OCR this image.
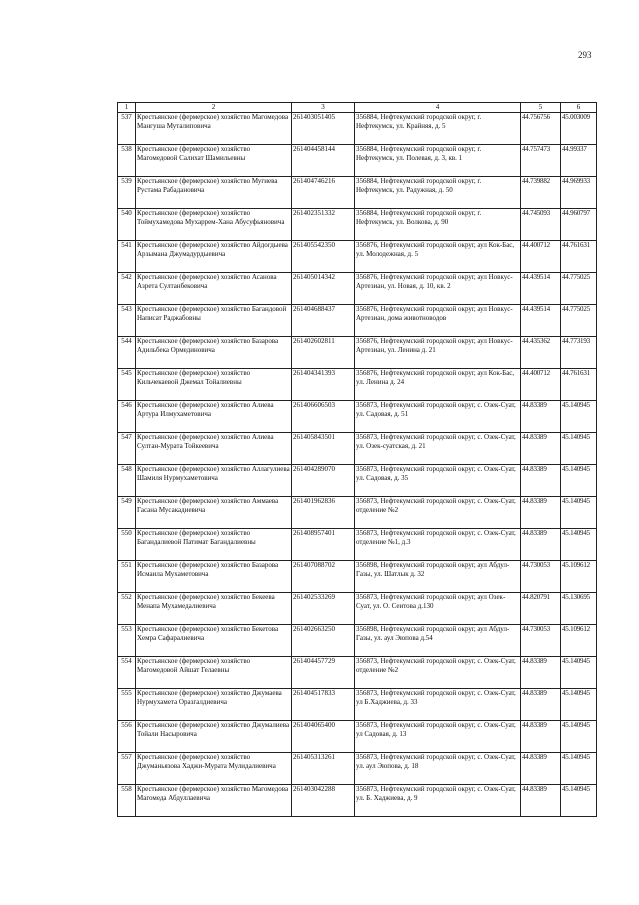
293
1	2	3	4	5	6
537	Крестьянское (фермерское) хозяйство Магомедова Мангуша Муталиповича	261403051405	356884, Нефтекумский городской округ, г. Нефтекумск, ул. Крайняя, д. 5	44.756756	45.003009
538	Крестьянское (фермерское) хозяйство Магомедовой Салихат Шамильевны	261404458144	356884, Нефтекумский городской округ, г. Нефтекумск, ул. Полевая, д. 3, кв. 1	44.757473	44.99337
539	Крестьянское (фермерское) хозяйство Мугиева Рустама Рабадановича	261404746216	356884, Нефтекумский городской округ, г. Нефтекумск, ул. Радужная, д. 50	44.739882	44.969933
540	Крестьянское (фермерское) хозяйство Тоймухамедова Мухаррем-Хана Абусуфьяновича	261402351332	356884, Нефтекумский городской округ, г. Нефтекумск, ул. Волкова, д. 90	44.745093	44.960797
541	Крестьянское (фермерское) хозяйство Айдогдыева Арзымана Джумадурдыевича	261405542350	356876, Нефтекумский городской округ, аул Кок-Бас, ул. Молодежная, д. 5	44.400712	44.761631
542	Крестьянское (фермерское) хозяйство Асанова Азрета Султанбековича	261405014342	356876, Нефтекумский городской округ, аул Новкус-Артезиан, ул. Новая, д. 10, кв. 2	44.439514	44.775025
543	Крестьянское (фермерское) хозяйство Багандовой Написат Раджабовны	261404688437	356876, Нефтекумский городской округ, аул Новкус-Артезиан, дома животноводов	44.439514	44.775025
544	Крестьянское (фермерское) хозяйство Базарова Адильбека Ормединовича	261402602811	356876, Нефтекумский городской округ, аул Новкус-Артезиан, ул. Ленина д. 21	44.435362	44.773193
545	Крестьянское (фермерское) хозяйство Кильчекаевой Джемал Тойалиевны	261404341393	356876, Нефтекумский городской округ, аул Кок-Бас, ул. Ленина д. 24	44.400712	44.761631
546	Крестьянское (фермерское) хозяйство Алиева Артура Илмухаметовича	261406606503	356873, Нефтекумский городской округ, с. Озек-Суат, ул. Садовая, д. 51	44.83389	45.140945
547	Крестьянское (фермерское) хозяйство Алиева Султан-Мурата Тойкеевича	261405843501	356873, Нефтекумский городской округ, с. Озек-Суат, ул. Озек-суатская, д. 21	44.83389	45.140945
548	Крестьянское (фермерское) хозяйство Аллагулиева Шамиля Нурмухаметовича	261404289070	356873, Нефтекумский городской округ, с. Озек-Суат, ул. Садовая, д. 35	44.83389	45.140945
549	Крестьянское (фермерское) хозяйство Аммаева Гасана Мусакадиевича	261401962836	356873, Нефтекумский городской округ, с. Озек-Суат, отделение №2	44.83389	45.140945
550	Крестьянское (фермерское) хозяйство Багандалиевой Патимат Багандалиевны	261408957401	356873, Нефтекумский городской округ, с. Озек-Суат, отделение №1, д.3	44.83389	45.140945
551	Крестьянское (фермерское) хозяйство Базарова Исмаила Мухаметовича	261407088702	356898, Нефтекумский городской округ, аул Абдул-Газы, ул. Шатлык д. 32	44.730053	45.109612
552	Крестьянское (фермерское) хозяйство Бекеева Менапа Мухамедалиевича	261402533269	356873, Нефтекумский городской округ, аул Озек-Суат, ул. О. Сеитова д.130	44.820791	45.130695
553	Крестьянское (фермерское) хозяйство Бекетова Хемра Сафаралиевича	261402663250	356898, Нефтекумский городской округ, аул Абдул-Газы, ул. аул Эюпова д.54	44.730053	45.109612
554	Крестьянское (фермерское) хозяйство Магомедовой Айшат Гелаевны	261404457729	356873, Нефтекумский городской округ, с. Озек-Суат, отделение №2	44.83389	45.140945
555	Крестьянское (фермерское) хозяйство Джумаева Нурмухамета Оразгалдиевича	261404517833	356873, Нефтекумский городской округ, с. Озек-Суат, ул Б.Хаджиева, д. 33	44.83389	45.140945
556	Крестьянское (фермерское) хозяйство Джумалиева Тойали Насыровича	261404065400	356873, Нефтекумский городской округ, с. Озек-Суат, ул Садовая, д. 13	44.83389	45.140945
557	Крестьянское (фермерское) хозяйство Джуманьязова Хаджи-Мурата Мулидалиевича	261405313261	356873, Нефтекумский городской округ, с. Озек-Суат, ул. аул Эюпова, д. 18	44.83389	45.140945
558	Крестьянское (фермерское) хозяйство Магомедова Магомеда Абдуллаевича	261403042288	356873, Нефтекумский городской округ, с. Озек-Суат, ул. Б. Хаджиева, д. 9	44.83389	45.140945
